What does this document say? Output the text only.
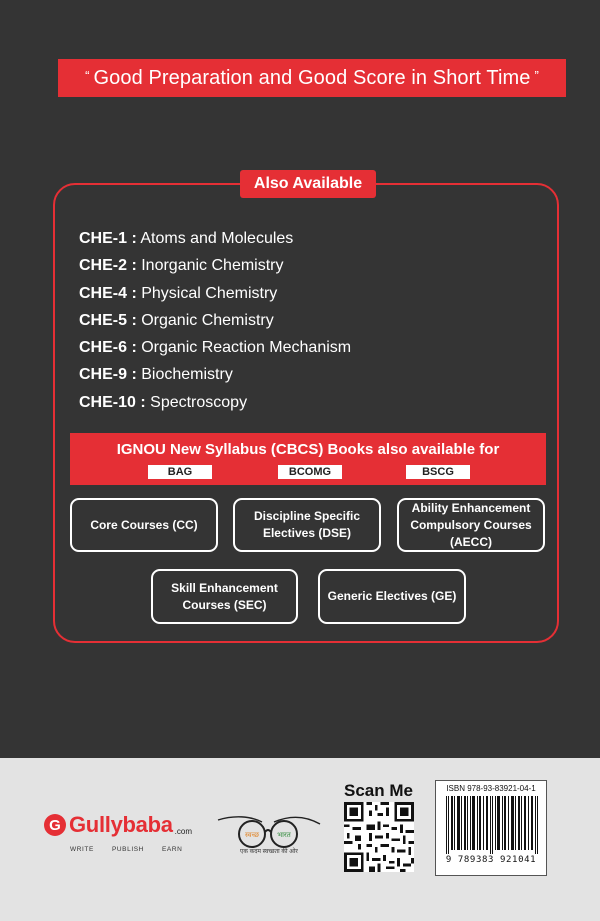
“ Good Preparation and Good Score in Short Time ”
Also Available
CHE-1 : Atoms and Molecules
CHE-2 : Inorganic Chemistry
CHE-4 : Physical Chemistry
CHE-5 : Organic Chemistry
CHE-6 : Organic Reaction Mechanism
CHE-9 : Biochemistry
CHE-10 : Spectroscopy
IGNOU New Syllabus (CBCS) Books also available for
BAG	BCOMG	BSCG
Core Courses (CC)
Discipline Specific Electives (DSE)
Ability Enhancement Compulsory Courses (AECC)
Skill Enhancement Courses (SEC)
Generic Electives (GE)
G Gullybaba .com
WRITE	PUBLISH	EARN
स्वच्छ	भारत
एक कदम स्वच्छता की ओर
Scan Me	ISBN 978-93-83921-04-1
9 789383 921041
